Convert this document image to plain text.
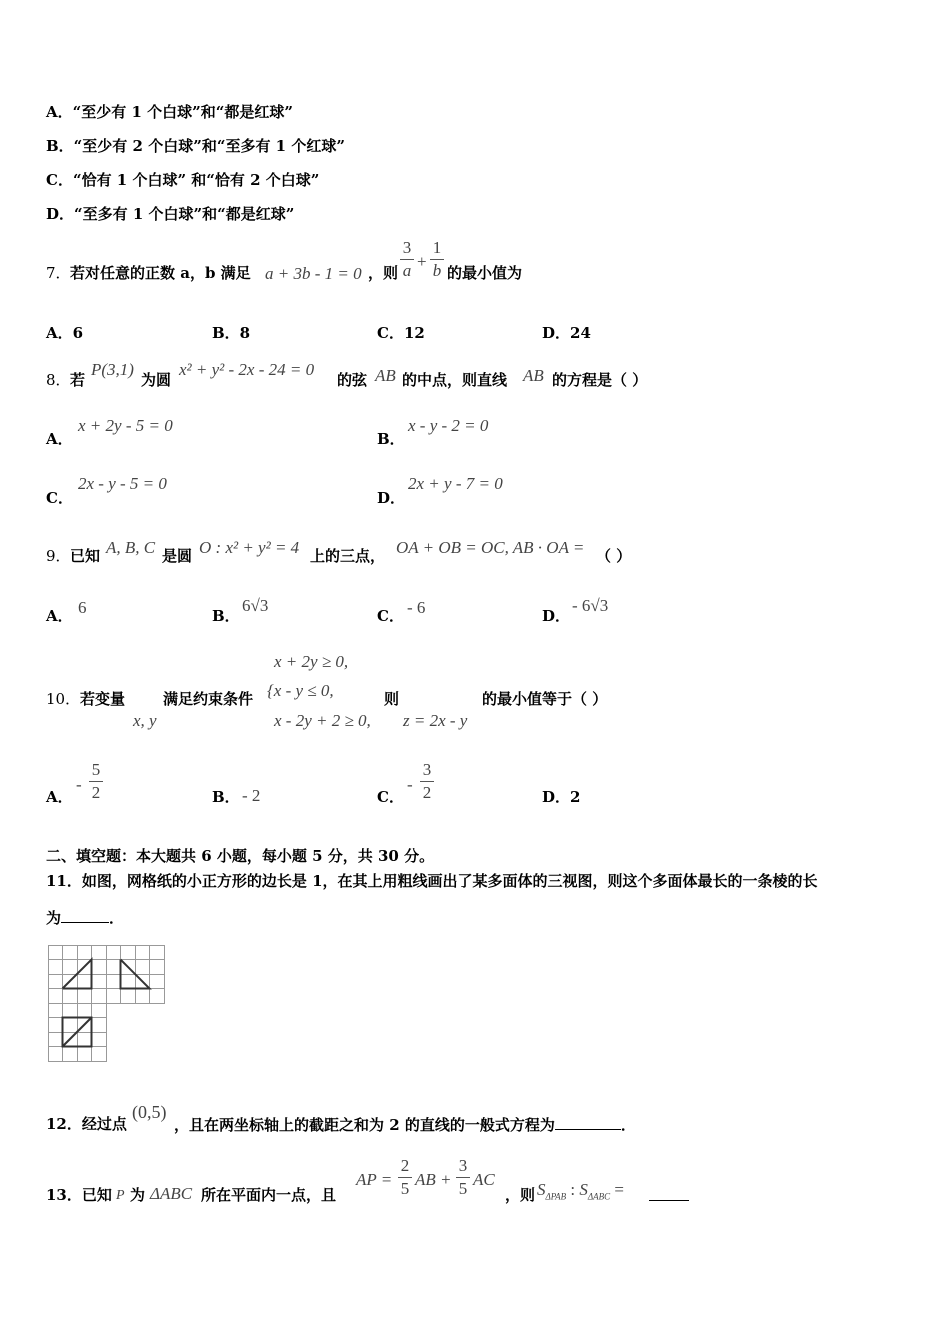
A．“至少有 1 个白球”和“都是红球”
B．“至少有 2 个白球”和“至多有 1 个红球”
C．“恰有 1 个白球” 和“恰有 2 个白球”
D．“至多有 1 个白球”和“都是红球”
7． 若对任意的正数 a，b 满足 a + 3b - 1 = 0 ，则
3
a +
1
b 的最小值为
A．6	B．8	C．12	D．24
8． 若
P(3,1)
为圆
x² + y² - 2x - 24 = 0
的弦 AB 的中点，则直线 AB 的方程是（ ）
A．
x + 2y - 5 = 0
B．
x - y - 2 = 0
C．
2x - y - 5 = 0
D．
2x + y - 7 = 0
9． 已知 A, B, C 是圆 O : x² + y² = 4 上的三点， OA + OB = OC, AB · OA = （ ）
A． 6	B．
6√3
C． - 6	D．
- 6√3
10． 若变量
x, y
满足约束条件
x + 2y ≥ 0,
{x - y ≤ 0,
x - 2y + 2 ≥ 0,
则
z = 2x - y
的最小值等于（ ）
A．
-
5
2	B． - 2	C．
-
3
2	D．2
二、填空题：本大题共 6 小题，每小题 5 分，共 30 分。
11．如图，网格纸的小正方形的边长是 1，在其上用粗线画出了某多面体的三视图，则这个多面体最长的一条棱的长
为	．
12．经过点
(0,5)
，且在两坐标轴上的截距之和为 2 的直线的一般式方程为	．
13．已知 P 为 ΔABC 所在平面内一点，且
AP =
2
5 AB +
3
5 AC
，则 $S_{\Delta PAB}$ : $S_{\Delta ABC}$ =
